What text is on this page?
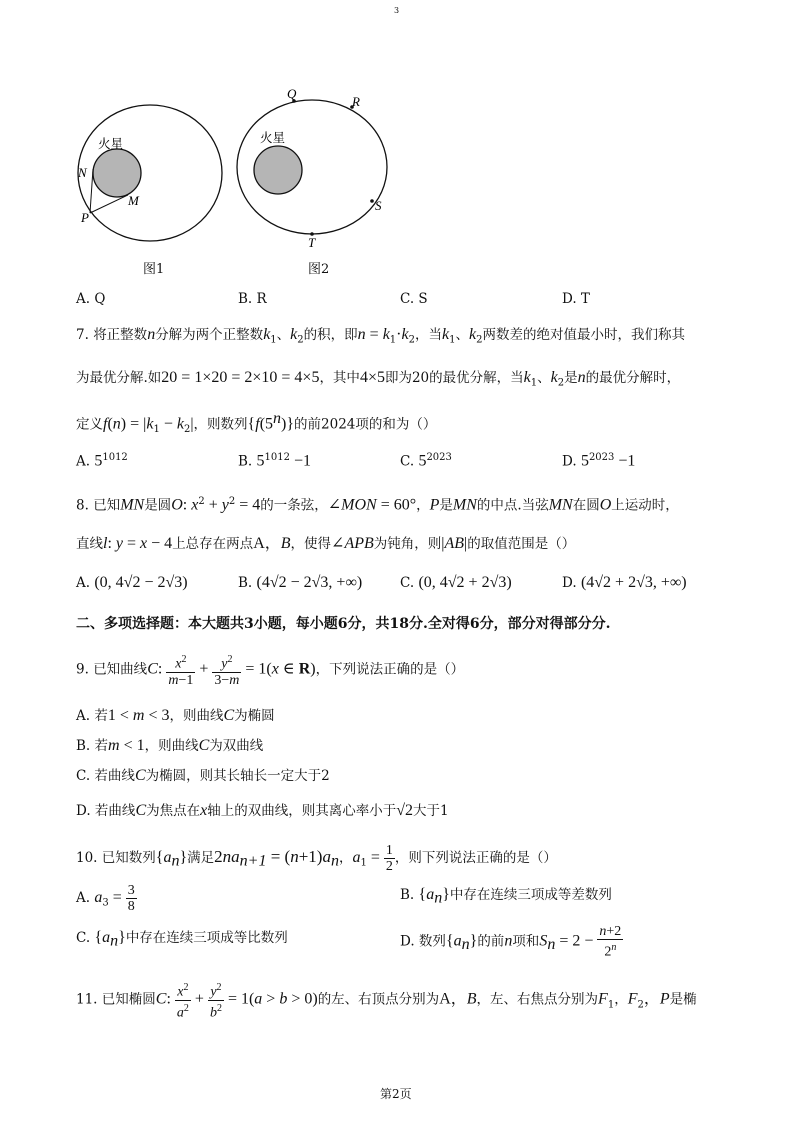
3
火星
N
M
P
图1
火星
Q
R
S
T
图2
A. Q	B. R	C. S	D. T
7. 将正整数n分解为两个正整数$k_1$、$k_2$的积，即$n = k_1\cdot k_2$，当$k_1$、$k_2$两数差的绝对值最小时，我们称其
为最优分解.如20 = 1×20 = 2×10 = 4×5，其中4×5即为20的最优分解，当$k_1$、$k_2$是n的最优分解时，
定义$f(n) = |k_1 - k_2|$，则数列{f(5$^n$)}的前2024项的和为（）
A. $5^{1012}$	B. $5^{1012} -1$	C. $5^{2023}$	D. $5^{2023} -1$
8. 已知MN是圆O: $x^2 + y^2 = 4$的一条弦，∠MON = 60°，P是MN的中点.当弦MN在圆O上运动时，
直线l: y = x − 4上总存在两点A，B，使得∠APB为钝角，则|AB|的取值范围是（）
A. (0, 4√2 − 2√3)	B. (4√2 − 2√3, +∞)	C. (0, 4√2 + 2√3)	D. (4√2 + 2√3, +∞)
二、多项选择题：本大题共3小题，每小题6分，共18分.全对得6分，部分对得部分分.
9. 已知曲线C: $\frac{x^2}{m-1} + \frac{y^2}{3-m} = 1(x$ ∈ R)，下列说法正确的是（）
A. 若1 < m < 3，则曲线C为椭圆
B. 若m < 1，则曲线C为双曲线
C. 若曲线C为椭圆，则其长轴长一定大于2
D. 若曲线C为焦点在x轴上的双曲线，则其离心率小于√2大于1
10. 已知数列$\{a_n\}$满足$2na_{n+1} = (n+1)a_n$，$a_1 = \frac{1}{2}$ ，则下列说法正确的是（）
A. $a_3 = \frac{3}{8}$	B. $\{a_n\}$中存在连续三项成等差数列
C. $\{a_n\}$中存在连续三项成等比数列	D. 数列$\{a_n\}$的前n项和$S_n = 2 - \frac{n+2}{2^n}$
11. 已知椭圆C: $\frac{x^2}{a^2} + \frac{y^2}{b^2} = 1(a > b > 0)$的左、右顶点分别为A，B，左、右焦点分别为$F_1$，$F_2$，P是椭
第2页
